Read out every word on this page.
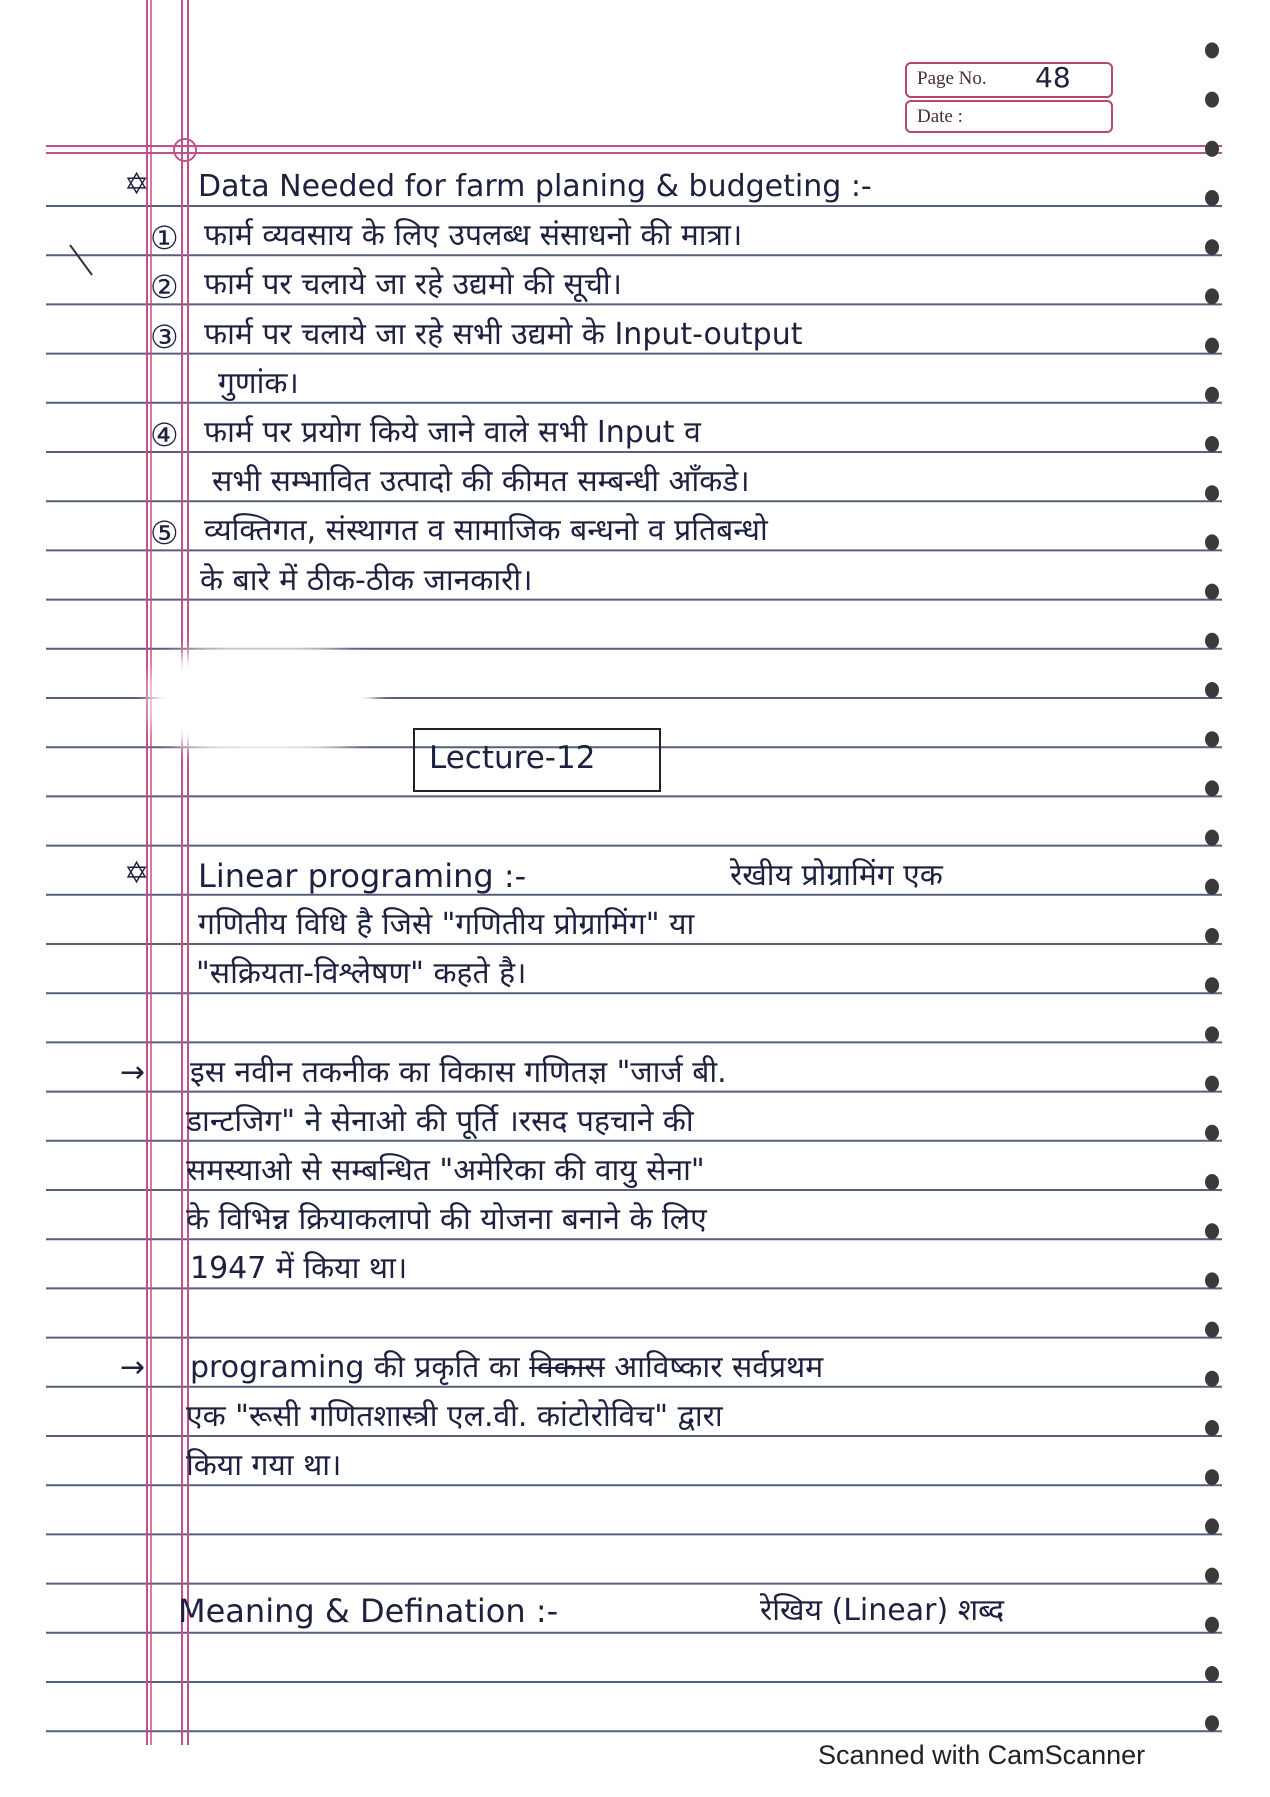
Page No. 48
Date :
✡ Data Needed for farm planing & budgeting :-
① फार्म व्यवसाय के लिए उपलब्ध संसाधनो की मात्रा।
② फार्म पर चलाये जा रहे उद्यमो की सूची।
③ फार्म पर चलाये जा रहे सभी उद्यमो के Input-output
गुणांक।
④ फार्म पर प्रयोग किये जाने वाले सभी Input व
सभी सम्भावित उत्पादो की कीमत सम्बन्धी आँकडे।
⑤ व्यक्तिगत, संस्थागत व सामाजिक बन्धनो व प्रतिबन्धो
के बारे में ठीक-ठीक जानकारी।
Lecture-12
✡ Linear programing :-	रेखीय प्रोग्रामिंग एक
गणितीय विधि है जिसे "गणितीय प्रोग्रामिंग" या
"सक्रियता-विश्लेषण" कहते है।
→ इस नवीन तकनीक का विकास गणितज्ञ "जार्ज बी.
डान्टजिग" ने सेनाओ की पूर्ति ।रसद पहचाने की
समस्याओ से सम्बन्धित "अमेरिका की वायु सेना"
के विभिन्न क्रियाकलापो की योजना बनाने के लिए
1947 में किया था।
→ programing की प्रकृति का विकास आविष्कार सर्वप्रथम
एक "रूसी गणितशास्त्री एल.वी. कांटोरोविच" द्वारा
किया गया था।
Meaning & Defination :-	रेखिय (Linear) शब्द
Scanned with CamScanner
